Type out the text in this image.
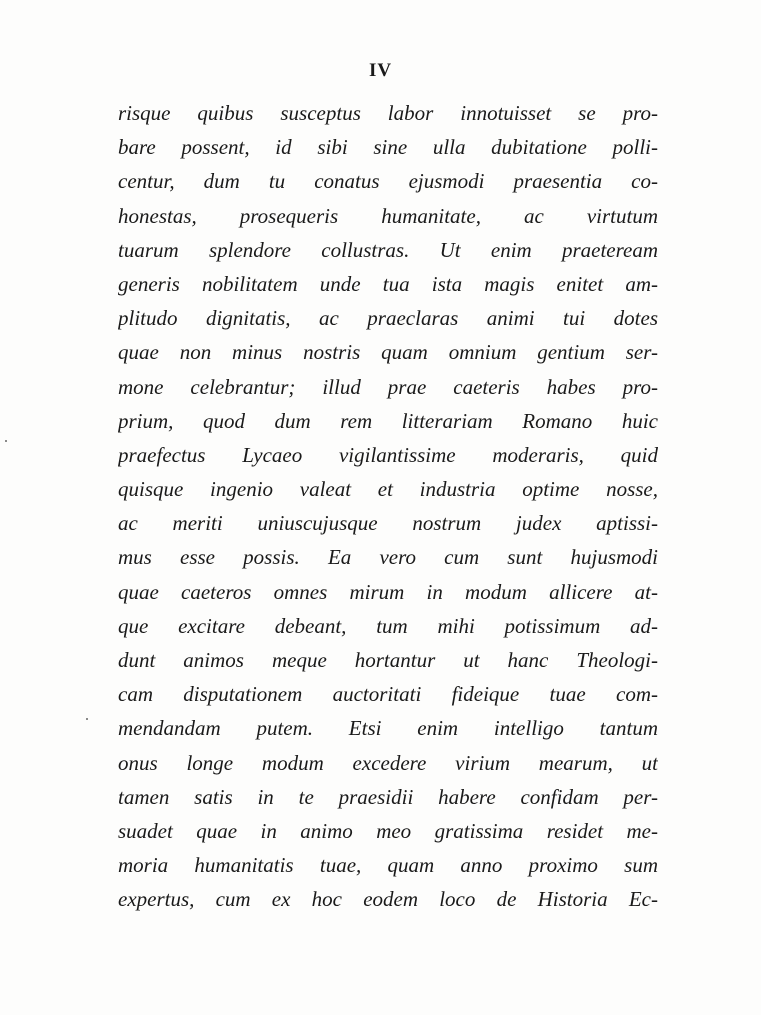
IV
risque quibus susceptus labor innotuisset se pro-
bare possent, id sibi sine ulla dubitatione polli-
centur, dum tu conatus ejusmodi praesentia co-
honestas, prosequeris humanitate, ac virtutum
tuarum splendore collustras. Ut enim praeteream
generis nobilitatem unde tua ista magis enitet am-
plitudo dignitatis, ac praeclaras animi tui dotes
quae non minus nostris quam omnium gentium ser-
mone celebrantur; illud prae caeteris habes pro-
prium, quod dum rem litterariam Romano huic
praefectus Lycaeo vigilantissime moderaris, quid
quisque ingenio valeat et industria optime nosse,
ac meriti uniuscujusque nostrum judex aptissi-
mus esse possis. Ea vero cum sunt hujusmodi
quae caeteros omnes mirum in modum allicere at-
que excitare debeant, tum mihi potissimum ad-
dunt animos meque hortantur ut hanc Theologi-
cam disputationem auctoritati fideique tuae com-
mendandam putem. Etsi enim intelligo tantum
onus longe modum excedere virium mearum, ut
tamen satis in te praesidii habere confidam per-
suadet quae in animo meo gratissima residet me-
moria humanitatis tuae, quam anno proximo sum
expertus, cum ex hoc eodem loco de Historia Ec-
